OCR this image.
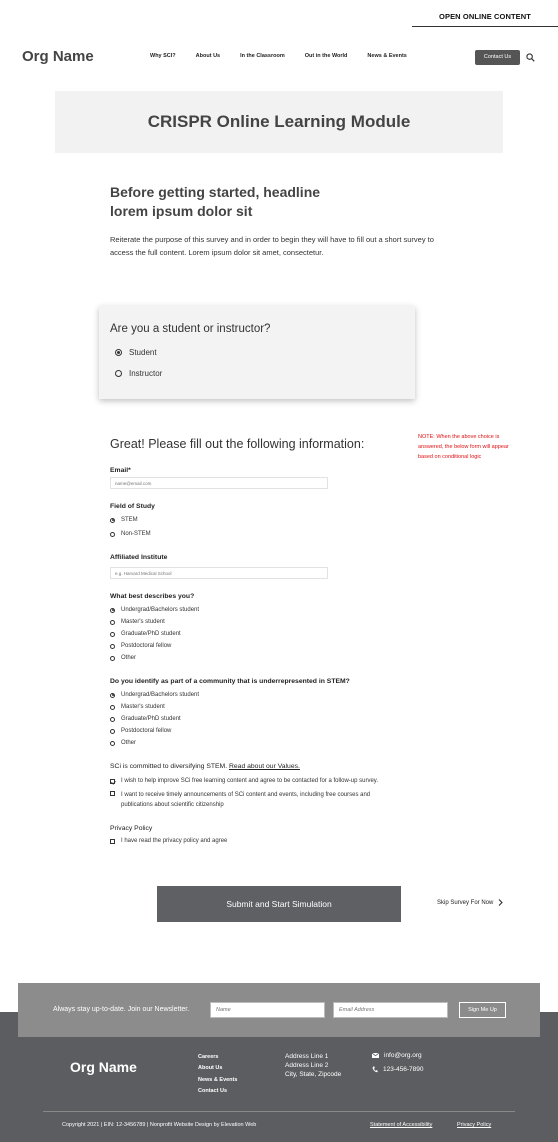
OPEN ONLINE CONTENT
Org Name	Why SCI?	About Us	In the Classroom	Out in the World	News & Events	Contact Us
CRISPR Online Learning Module
Before getting started, headline
lorem ipsum dolor sit
Reiterate the purpose of this survey and in order to begin they will have to fill out a short survey to access the full content. Lorem ipsum dolor sit amet, consectetur.
Are you a student or instructor?
Student
Instructor
Great! Please fill out the following information:	NOTE: When the above choice is answered, the below form will appear based on conditional logic
Email*
name@email.com
Field of Study
STEM
Non-STEM
Affiliated Institute
e.g. Harvard Medical School
What best describes you?
Undergrad/Bachelors student
Master's student
Graduate/PhD student
Postdoctoral fellow
Other
Do you identify as part of a community that is underrepresented in STEM?
Undergrad/Bachelors student
Master's student
Graduate/PhD student
Postdoctoral fellow
Other
SCi is committed to diversifying STEM. Read about our Values.
I wish to help improve SCi free learning content and agree to be contacted for a follow-up survey.
I want to receive timely announcements of SCi content and events, including free courses and
publications about scientific citizenship
Privacy Policy
I have read the privacy policy and agree
Submit and Start Simulation	Skip Survey For Now
Always stay up-to-date. Join our Newsletter.
Name
Email Address	Sign Me Up
Org Name
Careers
About Us
News & Events
Contact Us
Address Line 1
Address Line 2
City, State, Zipcode
info@org.org
123-456-7890
Copyright 2021 | EIN: 12-3456789 | Nonprofit Website Design by Elevation Web	Statement of Accessibility	Privacy Policy
